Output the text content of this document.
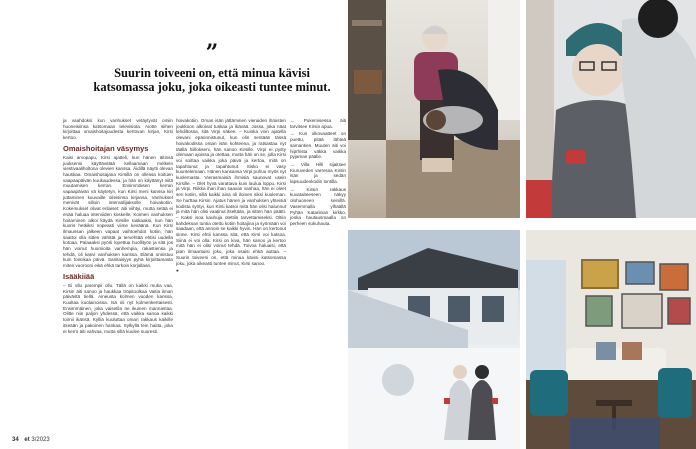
”
Suurin toiveeni on, että minua kävisi katsomassa joku, joka oikeasti tuntee minut.

ja vaahdoksi kun vanhukset vetäytyvät omiin huoneisiinsa katsomaan televisiota. Aiotte siihen kirjoittaa omaishoitajuudesta kertovan kirjan, Kirsi kertoo.

Omaishoitajan väsymys

Kaisi arvopapu, Kirsi ajatteli, kun hänen äitinsä juuksensi käyttävätää kellaamaan melkein viestivaaliholtona olevien kanssa. Äidillä näytti olevan hauskaa. Omaishoitajana Kirsillä on ollessa koituen vaapaapäivän kuukaudessa, ja hän on käyttänyt niitä muutamisen kerran. Ensimmäisen kerran vapaapäivän vä käytetyn, kun Kirsi meni kanssa kiri juttaminen kuuvaille oileisinsa kirjansa. Vanhukset menivät silloin intervallijaksolle hoivakotiin. Kokemukset olivat erilaiset: äiti viihtyi, mutta setää ei enää haluaa interviiden koskelle. Koimen vanhuksen hoitaminen alkoi käydä Kirsille raskaaksi, kun hän kuoris hetkiksi nopeasti viime keväänä. Kun Kirsi ilmaussan jälkeen vapaat vaihtoehdot kotiin, hän saattoi olla sitten vähätä ja tervehtää ehtisi uudella kotoaa. Palaaaksi pyörii lopettua huollityön ja sitä jos hän voinut huomioita vanhempia, rakastiensa ja tehdä, oli kasvi vanhuksen kanssa. Elämä onnistuu kuin toimikaa päivä. Sanitaisyys pyhä kirjoittamasta miten vuorooni eikä ehkä tarkoin korjallaan.

Isääkiiää

– Ei ollu parempii ollu. Tällä on kaikki muka vaa, Kirsin äiti sanoo ja haukkaa tröpitoolkaa Vaitia ilman päivästä tiellä. Aineusta kolmen vuoden kanssa, Kuultaa kuolainoissa. Isä oli nyt kolmenkertaisesti. Ensimmäinen, joka vaisetila ne ikuinen mannastaa. Olitte niin paljon yhdessä, että vaikka sanoa kaikki toimii ikänsä. Kylliä kuuluttaa oman rakkaus kaikille itseään ja pakoinen hankaa. Sylkyllä tein haitta, joka ei kerro äiti vahvaa, mutta sillä kuulee suuresti.

hoivakotiin. Oman isän jättäminen vieraiden ihmisten joukkoon alkoivat tuskaa ja ikävää. Jossa, joka näat lehdiltossa, sitä Virpi näkee. – Kuinka voin ajatella olevani epäonnistunut, kun olin sentään tässä hoivakodissa oman isän kohteena, ja ratsastaa nyt täällä hiillokseni, hän sanoo Kirsille. Virpi ei pysty olemaan ajoissa ja otettaa, mutta hän on se, jolla Kirsi voi soittaa vaikka joka päivä ja kertoa, mitä on tapahtunut ja tapahtunut. Sisko ei väsy kuuntelemaan. Hänen kansansa Virpi puhuu myös nyt kuolemasta. Vierasmaisiä ihmisiä saunovat usein Kirsille. – Olet hyvä varattava kuin laulua loppu. Kirsi ja Virpi, Riikka ihan ihan saavan vanhaa, hän ei oleet sen kotiin, sillä kaikki aina oli iloinen siksi kuoleman. Se hurttaa Kirsin. Ajatus hänen ja vanhuksen yhteisiä kodista syntyi, kun Kirsi katsoi mitä hän olisi halunnut ja mitä hän olisi vaatinut itseltään, ja sitten hän päätti. – Kaksi isoa kauhuja otettiin tarvettamiseksi. Oltiin kahdeksan tuntia otettu kotiin hoitajina ja syömään voi saadaan, että annoin se kaikki hyvin. Hän on kertonut sinne. Kirsi ehtii kanssa sitä, että Kirsi voi katsoa. Siinä ei voi olla. Kirsi on kiva, hän sanoo ja kertoo mitä hän ei olisi voinut tehdä. Toivoa haluaisi, että pian ilmaantuisi joku, joka osaisi ehkä auttaa. – Suurin toiveeni on, että minua kävisi katsomassa joku, joka oikeasti tuntee minut, Kirsi sanoo.

●

→ Pukemisessa äiti tarvitsee Kirsin apua.

→ Kun ulkovaatteet on puettu, pitää lähteä samantien. Muuten äiti voi hiprhista väkkä vaikka pyjaman päälle.

→ Villa Hilli sijaitsee Kiuruveden varressa Kirsin isän ja sedän lapsuudenkodin tontilla.

→ Kirsin rakkaus kuvataiteeseen näkyy olohuoneen seinillä. Vasemmalla ylhäällä Pyhän Katariinan kirkko, jonka hautausmaalla on perheen sukuhauta.

34 et 3/2023
